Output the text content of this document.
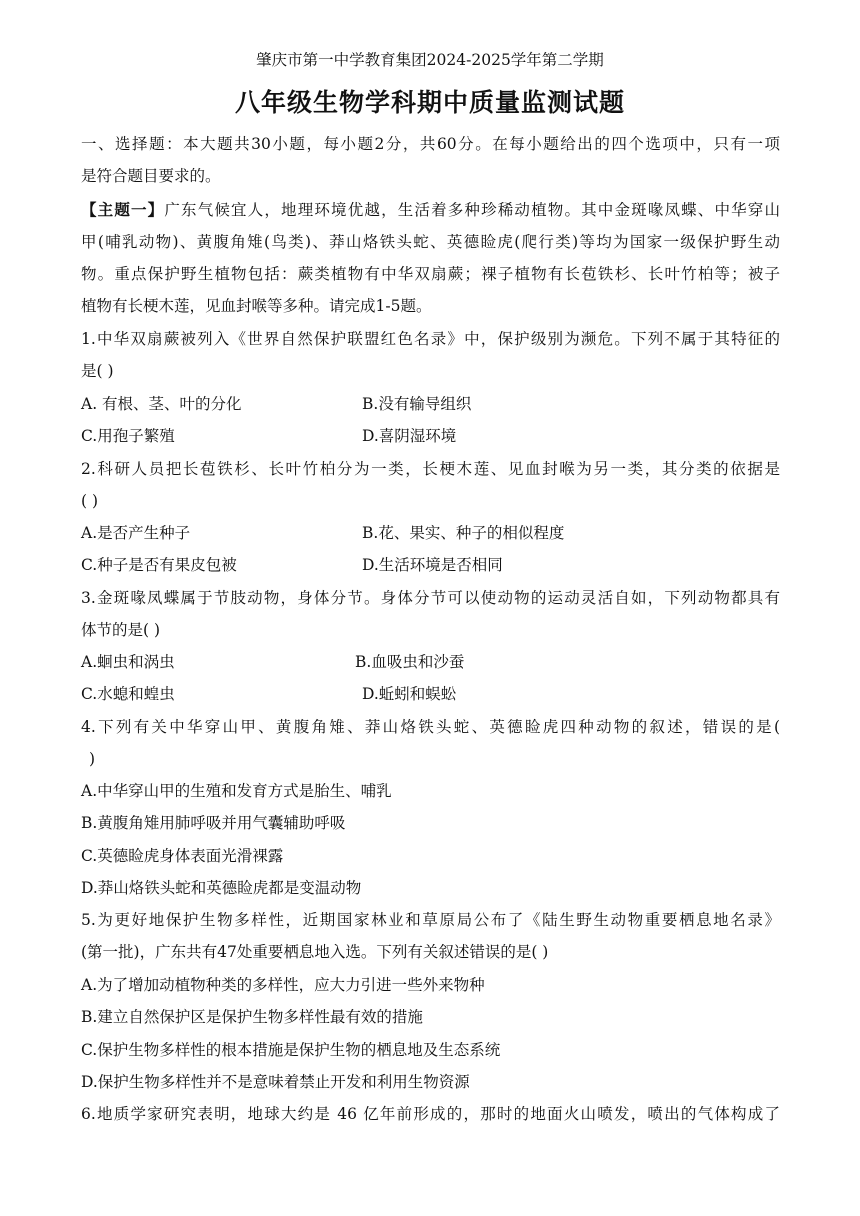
肇庆市第一中学教育集团2024-2025学年第二学期
八年级生物学科期中质量监测试题
一、选择题：本大题共30小题，每小题2分，共60分。在每小题给出的四个选项中，只有一项
是符合题目要求的。
【主题一】广东气候宜人，地理环境优越，生活着多种珍稀动植物。其中金斑喙凤蝶、中华穿山
甲(哺乳动物)、黄腹角雉(鸟类)、莽山烙铁头蛇、英德睑虎(爬行类)等均为国家一级保护野生动
物。重点保护野生植物包括：蕨类植物有中华双扇蕨；裸子植物有长苞铁杉、长叶竹柏等；被子
植物有长梗木莲，见血封喉等多种。请完成1-5题。
1.中华双扇蕨被列入《世界自然保护联盟红色名录》中，保护级别为濒危。下列不属于其特征的
是( )
A. 有根、茎、叶的分化	B.没有输导组织
C.用孢子繁殖	D.喜阴湿环境
2.科研人员把长苞铁杉、长叶竹柏分为一类，长梗木莲、见血封喉为另一类，其分类的依据是
( )
A.是否产生种子	B.花、果实、种子的相似程度
C.种子是否有果皮包被	D.生活环境是否相同
3.金斑喙凤蝶属于节肢动物，身体分节。身体分节可以使动物的运动灵活自如，下列动物都具有
体节的是( )
A.蛔虫和涡虫	B.血吸虫和沙蚕
C.水螅和蝗虫	D.蚯蚓和蜈蚣
4.下列有关中华穿山甲、黄腹角雉、莽山烙铁头蛇、英德睑虎四种动物的叙述，错误的是(
)
A.中华穿山甲的生殖和发育方式是胎生、哺乳
B.黄腹角雉用肺呼吸并用气囊辅助呼吸
C.英德睑虎身体表面光滑裸露
D.莽山烙铁头蛇和英德睑虎都是变温动物
5.为更好地保护生物多样性，近期国家林业和草原局公布了《陆生野生动物重要栖息地名录》
(第一批)，广东共有47处重要栖息地入选。下列有关叙述错误的是( )
A.为了增加动植物种类的多样性，应大力引进一些外来物种
B.建立自然保护区是保护生物多样性最有效的措施
C.保护生物多样性的根本措施是保护生物的栖息地及生态系统
D.保护生物多样性并不是意味着禁止开发和利用生物资源
6.地质学家研究表明，地球大约是 46 亿年前形成的，那时的地面火山喷发，喷出的气体构成了
